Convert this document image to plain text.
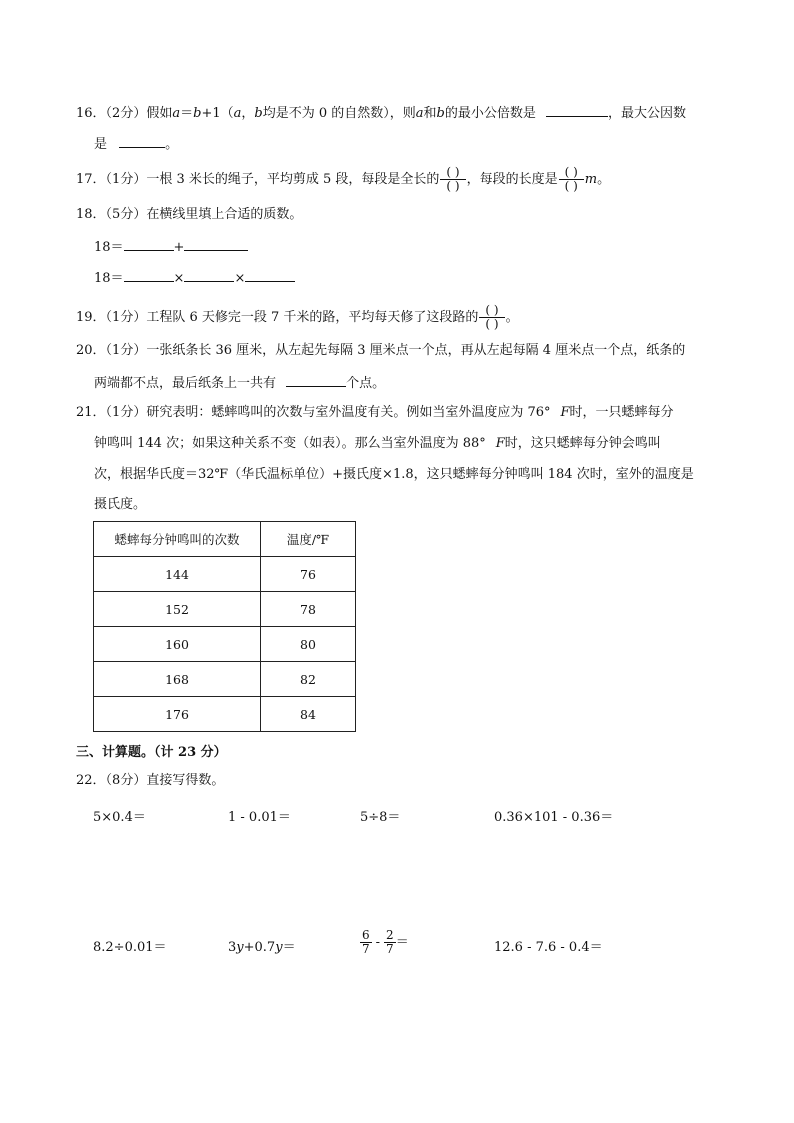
16．（2分）假如a＝b+1（a，b均是不为 0 的自然数），则a和b的最小公倍数是	，最大公因数
是	。
17．（1分）一根 3 米长的绳子，平均剪成 5 段，每段是全长的 $\frac{( )}{( )}$ ，每段的长度是 $\frac{( )}{( )}$ m。
18．（5分）在横线里填上合适的质数。
18＝	+
18＝	×	×
19．（1分）工程队 6 天修完一段 7 千米的路，平均每天修了这段路的 $\frac{( )}{( )}$ 。
20．（1分）一张纸条长 36 厘米，从左起先每隔 3 厘米点一个点，再从左起每隔 4 厘米点一个点，纸条的
两端都不点，最后纸条上一共有	个点。
21．（1分）研究表明：蟋蟀鸣叫的次数与室外温度有关。例如当室外温度应为 76° F时，一只蟋蟀每分
钟鸣叫 144 次；如果这种关系不变（如表）。那么当室外温度为 88° F时，这只蟋蟀每分钟会鸣叫
次，根据华氏度＝32℉（华氏温标单位）+摄氏度×1.8，这只蟋蟀每分钟鸣叫 184 次时，室外的温度是
摄氏度。
蟋蟀每分钟鸣叫的次数	温度/℉
144	76
152	78
160	80
168	82
176	84
三、计算题。（计 23 分）
22．（8分）直接写得数。
5×0.4＝	1 - 0.01＝	5÷8＝	0.36×101 - 0.36＝
8.2÷0.01＝	3y+0.7y＝	$\frac{6}{7} - \frac{2}{7}$ ＝	12.6 - 7.6 - 0.4＝
